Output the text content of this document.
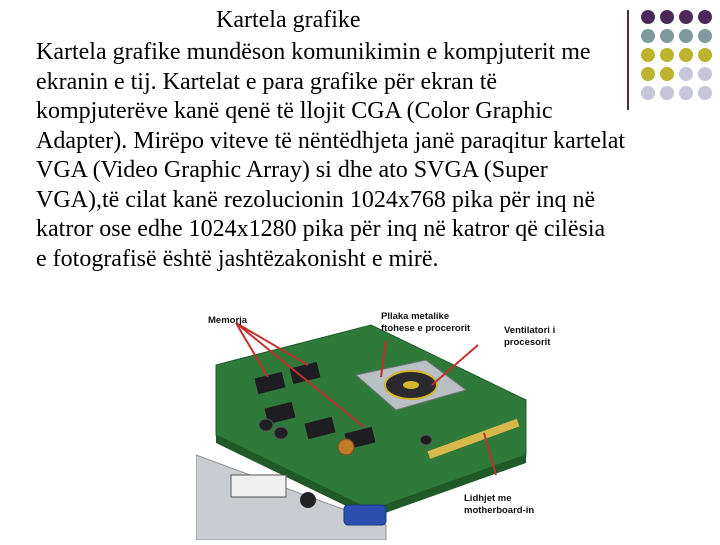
Kartela grafike

Kartela grafike mundëson komunikimin e kompjuterit me
ekranin e tij. Kartelat e para grafike për ekran të
kompjuterëve kanë qenë të llojit CGA (Color Graphic
Adapter). Mirëpo viteve të nëntëdhjeta janë paraqitur kartelat
VGA (Video Graphic Array) si dhe ato SVGA (Super
VGA),të cilat kanë rezolucionin 1024x768 pika për inq në
katror ose edhe 1024x1280 pika për inq në katror që cilësia
e fotografisë është jashtëzakonisht e mirë.

Memorja	Pllaka metalike
ftohese e procerorit	Ventilatori i
procesorit
Lidhjet me
motherboard-in
